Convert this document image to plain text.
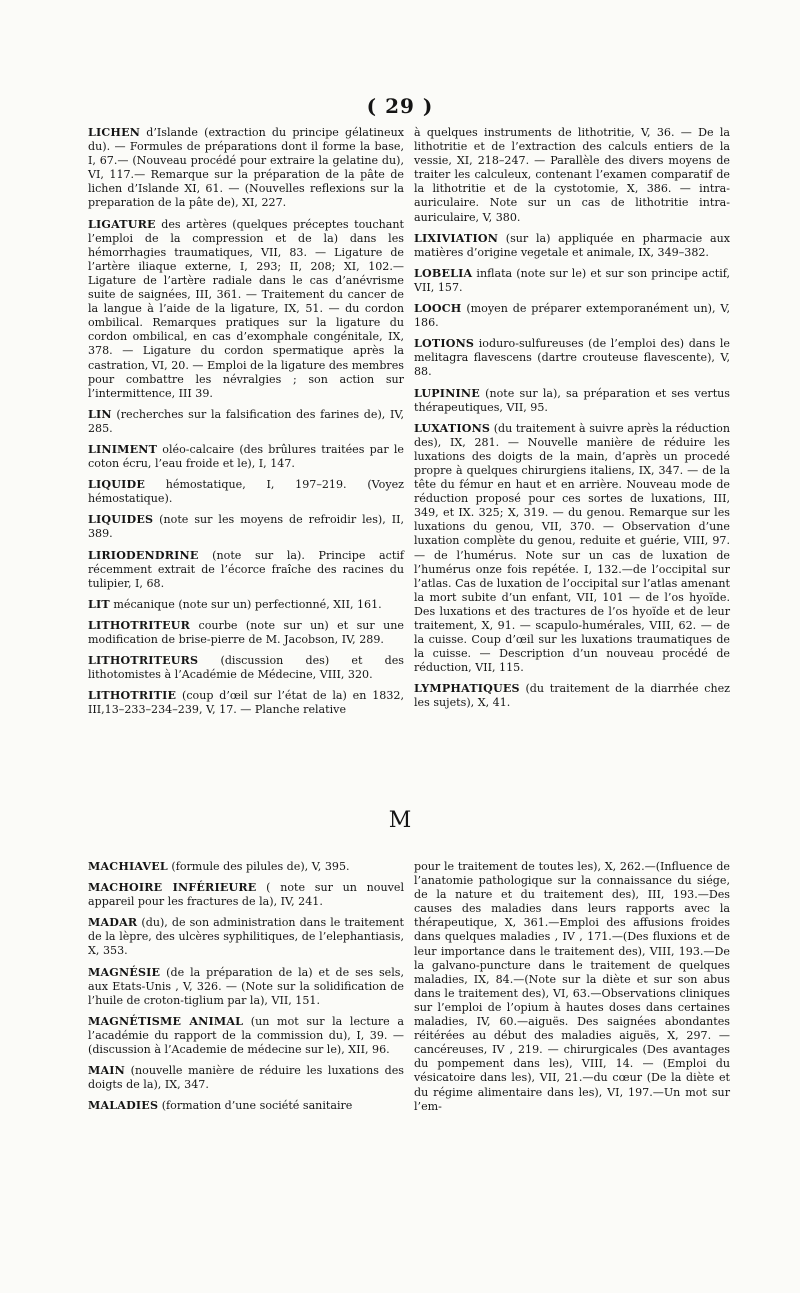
( 29 )

LICHEN d’Islande (extraction du principe gélatineux du). — Formules de préparations dont il forme la base, I, 67.— (Nouveau procédé pour extraire la gelatine du), VI, 117.— Remarque sur la préparation de la pâte de lichen d’Islande XI, 61. — (Nouvelles reflexions sur la preparation de la pâte de), XI, 227.

LIGATURE des artères (quelques préceptes touchant l’emploi de la compression et de la) dans les hémorrhagies traumatiques, VII, 83. — Ligature de l’artère iliaque externe, I, 293; II, 208; XI, 102.— Ligature de l’artère radiale dans le cas d’anévrisme suite de saignées, III, 361. — Traitement du cancer de la langue à l’aide de la ligature, IX, 51. — du cordon ombilical. Remarques pratiques sur la ligature du cordon ombilical, en cas d’exomphale congénitale, IX, 378. — Ligature du cordon spermatique après la castration, VI, 20. — Emploi de la ligature des membres pour combattre les névralgies ; son action sur l’intermittence, III 39.

LIN (recherches sur la falsification des farines de), IV, 285.

LINIMENT oléo-calcaire (des brûlures traitées par le coton écru, l’eau froide et le), I, 147.

LIQUIDE hémostatique, I, 197–219. (Voyez hémostatique).

LIQUIDES (note sur les moyens de refroidir les), II, 389.

LIRIODENDRINE (note sur la). Principe actif récemment extrait de l’écorce fraîche des racines du tulipier, I, 68.

LIT mécanique (note sur un) perfectionné, XII, 161.

LITHOTRITEUR courbe (note sur un) et sur une modification de brise-pierre de M. Jacobson, IV, 289.

LITHOTRITEURS (discussion des) et des lithotomistes à l’Académie de Médecine, VIII, 320.

LITHOTRITIE (coup d’œil sur l’état de la) en 1832, III,13–233–234–239, V, 17. — Planche relative

à quelques instruments de lithotritie, V, 36. — De la lithotritie et de l’extraction des calculs entiers de la vessie, XI, 218–247. — Parallèle des divers moyens de traiter les calculeux, contenant l’examen comparatif de la lithotritie et de la cystotomie, X, 386. — intra-auriculaire. Note sur un cas de lithotritie intra-auriculaire, V, 380.

LIXIVIATION (sur la) appliquée en pharmacie aux matières d’origine vegetale et animale, IX, 349–382.

LOBELIA inflata (note sur le) et sur son principe actif, VII, 157.

LOOCH (moyen de préparer extemporanément un), V, 186.

LOTIONS ioduro-sulfureuses (de l’emploi des) dans le melitagra flavescens (dartre crouteuse flavescente), V, 88.

LUPININE (note sur la), sa préparation et ses vertus thérapeutiques, VII, 95.

LUXATIONS (du traitement à suivre après la réduction des), IX, 281. — Nouvelle manière de réduire les luxations des doigts de la main, d’après un procedé propre à quelques chirurgiens italiens, IX, 347. — de la tête du fémur en haut et en arrière. Nouveau mode de réduction proposé pour ces sortes de luxations, III, 349, et IX. 325; X, 319. — du genou. Remarque sur les luxations du genou, VII, 370. — Observation d’une luxation complète du genou, reduite et guérie, VIII, 97. — de l’humérus. Note sur un cas de luxation de l’humérus onze fois repétée. I, 132.—de l’occipital sur l’atlas. Cas de luxation de l’occipital sur l’atlas amenant la mort subite d’un enfant, VII, 101 — de l’os hyoïde. Des luxations et des tractures de l’os hyoïde et de leur traitement, X, 91. — scapulo-humérales, VIII, 62. — de la cuisse. Coup d’œil sur les luxations traumatiques de la cuisse. — Description d’un nouveau procédé de réduction, VII, 115.

LYMPHATIQUES (du traitement de la diarrhée chez les sujets), X, 41.

M

MACHIAVEL (formule des pilules de), V, 395.

MACHOIRE INFÉRIEURE ( note sur un nouvel appareil pour les fractures de la), IV, 241.

MADAR (du), de son administration dans le traitement de la lèpre, des ulcères syphilitiques, de l’elephantiasis, X, 353.

MAGNÉSIE (de la préparation de la) et de ses sels, aux Etats-Unis , V, 326. — (Note sur la solidification de l’huile de croton-tiglium par la), VII, 151.

MAGNÉTISME ANIMAL (un mot sur la lecture a l’académie du rapport de la commission du), I, 39. — (discussion à l’Academie de médecine sur le), XII, 96.

MAIN (nouvelle manière de réduire les luxations des doigts de la), IX, 347.

MALADIES (formation d’une société sanitaire

pour le traitement de toutes les), X, 262.—(Influence de l’anatomie pathologique sur la connaissance du siége, de la nature et du traitement des), III, 193.—Des causes des maladies dans leurs rapports avec la thérapeutique, X, 361.—Emploi des affusions froides dans quelques maladies , IV , 171.—(Des fluxions et de leur importance dans le traitement des), VIII, 193.—De la galvano-puncture dans le traitement de quelques maladies, IX, 84.—(Note sur la diète et sur son abus dans le traitement des), VI, 63.—Observations cliniques sur l’emploi de l’opium à hautes doses dans certaines maladies, IV, 60.—aiguës. Des saignées abondantes réitérées au début des maladies aiguës, X, 297. — cancéreuses, IV , 219. — chirurgicales (Des avantages du pompement dans les), VIII, 14. — (Emploi du vésicatoire dans les), VII, 21.—du cœur (De la diète et du régime alimentaire dans les), VI, 197.—Un mot sur l’em-
